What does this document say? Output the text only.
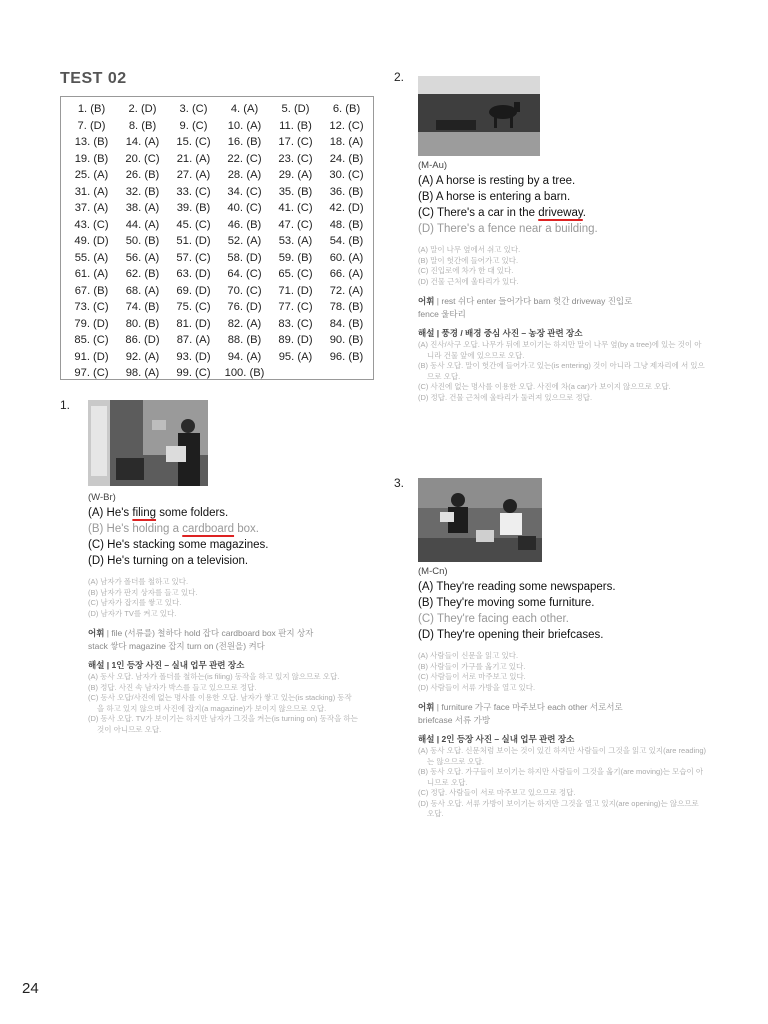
TEST 02
1. (B)	2. (D)	3. (C)	4. (A)	5. (D)	6. (B)
7. (D)	8. (B)	9. (C)	10. (A)	11. (B)	12. (C)
13. (B)	14. (A)	15. (C)	16. (B)	17. (C)	18. (A)
19. (B)	20. (C)	21. (A)	22. (C)	23. (C)	24. (B)
25. (A)	26. (B)	27. (A)	28. (A)	29. (A)	30. (C)
31. (A)	32. (B)	33. (C)	34. (C)	35. (B)	36. (B)
37. (A)	38. (A)	39. (B)	40. (C)	41. (C)	42. (D)
43. (C)	44. (A)	45. (C)	46. (B)	47. (C)	48. (B)
49. (D)	50. (B)	51. (D)	52. (A)	53. (A)	54. (B)
55. (A)	56. (A)	57. (C)	58. (D)	59. (B)	60. (A)
61. (A)	62. (B)	63. (D)	64. (C)	65. (C)	66. (A)
67. (B)	68. (A)	69. (D)	70. (C)	71. (D)	72. (A)
73. (C)	74. (B)	75. (C)	76. (D)	77. (C)	78. (B)
79. (D)	80. (B)	81. (D)	82. (A)	83. (C)	84. (B)
85. (C)	86. (D)	87. (A)	88. (B)	89. (D)	90. (B)
91. (D)	92. (A)	93. (D)	94. (A)	95. (A)	96. (B)
97. (C)	98. (A)	99. (C)	100. (B)
1.
(W-Br)
(A) He's filing some folders.
(B) He's holding a cardboard box.
(C) He's stacking some magazines.
(D) He's turning on a television.
(A) 남자가 폴더를 철하고 있다.
(B) 남자가 판지 상자를 들고 있다.
(C) 남자가 잡지를 쌓고 있다.
(D) 남자가 TV를 켜고 있다.
어휘 | file (서류를) 철하다 hold 잡다 cardboard box 판지 상자
stack 쌓다 magazine 잡지 turn on (전원을) 켜다
해설 | 1인 등장 사진 – 실내 업무 관련 장소
(A) 동사 오답. 남자가 폴더를 철하는(is filing) 동작을 하고 있지 않으므로 오답.
(B) 정답. 사진 속 남자가 박스를 들고 있으므로 정답.
(C) 동사 오답/사진에 없는 명사를 이용한 오답. 남자가 쌓고 있는(is stacking) 동작을 하고 있지 않으며 사진에 잡지(a magazine)가 보이지 않으므로 오답.
(D) 동사 오답. TV가 보이기는 하지만 남자가 그것을 켜는(is turning on) 동작을 하는 것이 아니므로 오답.
2.
(M-Au)
(A) A horse is resting by a tree.
(B) A horse is entering a barn.
(C) There's a car in the driveway.
(D) There's a fence near a building.
(A) 말이 나무 옆에서 쉬고 있다.
(B) 말이 헛간에 들어가고 있다.
(C) 진입로에 차가 한 대 있다.
(D) 건물 근처에 울타리가 있다.
어휘 | rest 쉬다 enter 들어가다 barn 헛간 driveway 진입로
fence 울타리
해설 | 풍경 / 배경 중심 사진 – 농장 관련 장소
(A) 진사/사구 오답. 나무가 뒤에 보이기는 하지만 말이 나무 옆(by a tree)에 있는 것이 아니라 건물 앞에 있으므로 오답.
(B) 동사 오답. 말이 헛간에 들어가고 있는(is entering) 것이 아니라 그냥 제자리에 서 있으므로 오답.
(C) 사진에 없는 명사를 이용한 오답. 사진에 차(a car)가 보이지 않으므로 오답.
(D) 정답. 건물 근처에 울타리가 둘러져 있으므로 정답.
3.
(M-Cn)
(A) They're reading some newspapers.
(B) They're moving some furniture.
(C) They're facing each other.
(D) They're opening their briefcases.
(A) 사람들이 신문을 읽고 있다.
(B) 사람들이 가구를 옮기고 있다.
(C) 사람들이 서로 마주보고 있다.
(D) 사람들이 서류 가방을 열고 있다.
어휘 | furniture 가구 face 마주보다 each other 서로서로
briefcase 서류 가방
해설 | 2인 등장 사진 – 실내 업무 관련 장소
(A) 동사 오답. 신문처럼 보이는 것이 있긴 하지만 사람들이 그것을 읽고 있지(are reading)는 않으므로 오답.
(B) 동사 오답. 가구들이 보이기는 하지만 사람들이 그것을 옮기(are moving)는 모습이 아니므로 오답.
(C) 정답. 사람들이 서로 마주보고 있으므로 정답.
(D) 동사 오답. 서류 가방이 보이기는 하지만 그것을 열고 있지(are opening)는 않으므로 오답.
24
